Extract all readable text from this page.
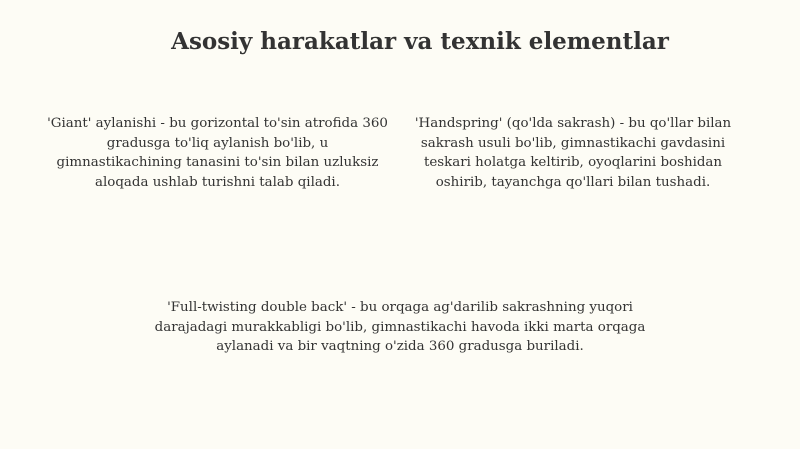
Asosiy harakatlar va texnik elementlar

'Giant' aylanishi - bu gorizontal to'sin atrofida 360 gradusga to'liq aylanish bo'lib, u gimnastikachining tanasini to'sin bilan uzluksiz aloqada ushlab turishni talab qiladi.

'Handspring' (qo'lda sakrash) - bu qo'llar bilan sakrash usuli bo'lib, gimnastikachi gavdasini teskari holatga keltirib, oyoqlarini boshidan oshirib, tayanchga qo'llari bilan tushadi.

'Full-twisting double back' - bu orqaga ag'darilib sakrashning yuqori darajadagi murakkabligi bo'lib, gimnastikachi havoda ikki marta orqaga aylanadi va bir vaqtning o'zida 360 gradusga buriladi.
